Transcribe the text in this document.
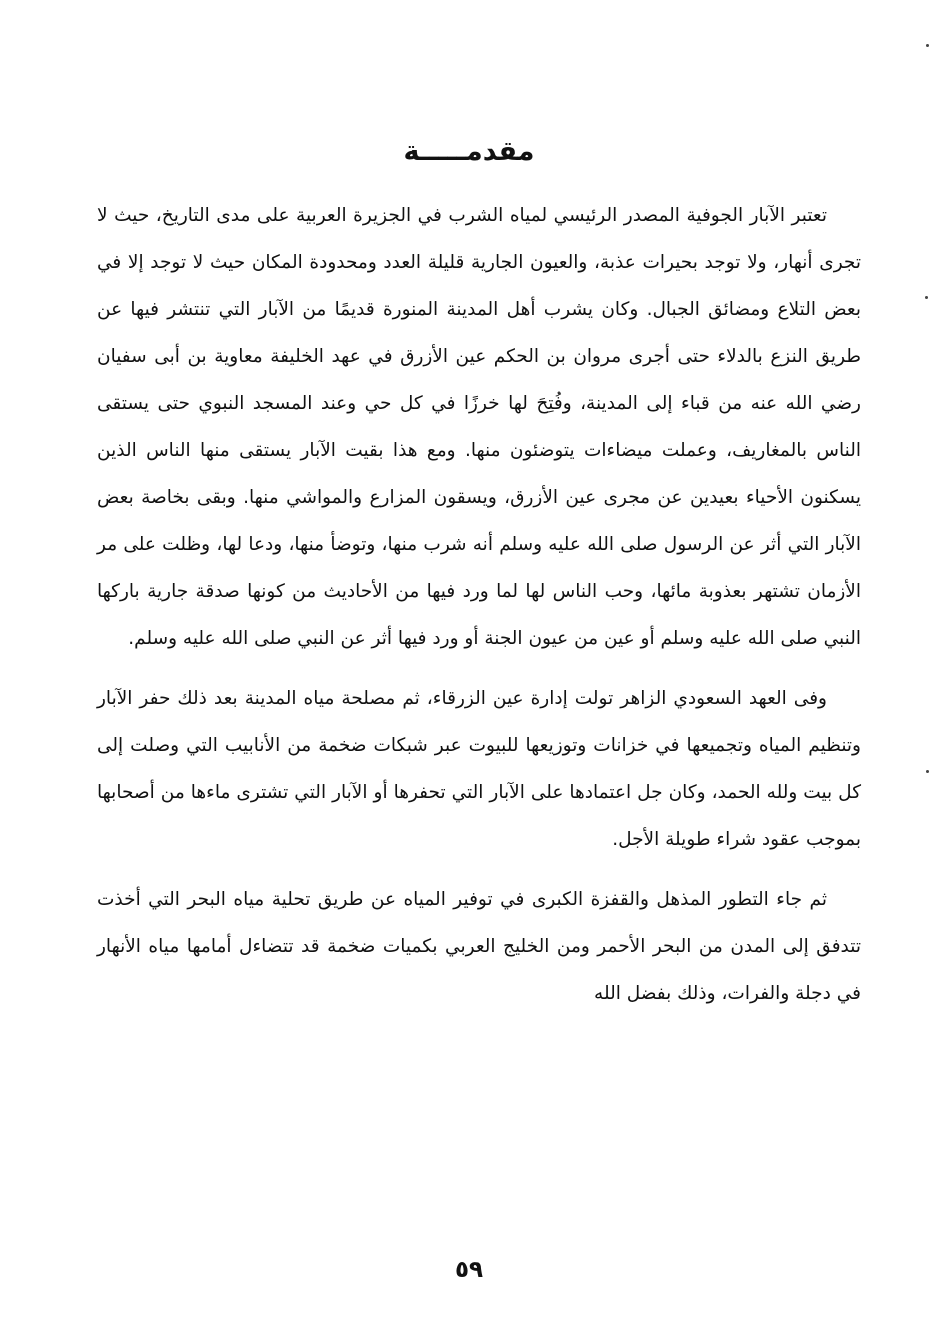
مقدمـــــة

تعتبر الآبار الجوفية المصدر الرئيسي لمياه الشرب في الجزيرة العربية على مدى التاريخ، حيث لا تجرى أنهار، ولا توجد بحيرات عذبة، والعيون الجارية قليلة العدد ومحدودة المكان حيث لا توجد إلا في بعض التلاع ومضائق الجبال. وكان يشرب أهل المدينة المنورة قديمًا من الآبار التي تنتشر فيها عن طريق النزع بالدلاء حتى أجرى مروان بن الحكم عين الأزرق في عهد الخليفة معاوية بن أبى سفيان رضي الله عنه من قباء إلى المدينة، وفُتِحَ لها خرزًا في كل حي وعند المسجد النبوي حتى يستقى الناس بالمغاريف، وعملت ميضاءات يتوضئون منها. ومع هذا بقيت الآبار يستقى منها الناس الذين يسكنون الأحياء بعيدين عن مجرى عين الأزرق، ويسقون المزارع والمواشي منها. وبقى بخاصة بعض الآبار التي أثر عن الرسول صلى الله عليه وسلم أنه شرب منها، وتوضأ منها، ودعا لها، وظلت على مر الأزمان تشتهر بعذوبة مائها، وحب الناس لها لما ورد فيها من الأحاديث من كونها صدقة جارية باركها النبي صلى الله عليه وسلم أو عين من عيون الجنة أو ورد فيها أثر عن النبي صلى الله عليه وسلم.

وفى العهد السعودي الزاهر تولت إدارة عين الزرقاء، ثم مصلحة مياه المدينة بعد ذلك حفر الآبار وتنظيم المياه وتجميعها في خزانات وتوزيعها للبيوت عبر شبكات ضخمة من الأنابيب التي وصلت إلى كل بيت ولله الحمد، وكان جل اعتمادها على الآبار التي تحفرها أو الآبار التي تشترى ماءها من أصحابها بموجب عقود شراء طويلة الأجل.

ثم جاء التطور المذهل والقفزة الكبرى في توفير المياه عن طريق تحلية مياه البحر التي أخذت تتدفق إلى المدن من البحر الأحمر ومن الخليج العربي بكميات ضخمة قد تتضاءل أمامها مياه الأنهار في دجلة والفرات، وذلك بفضل الله

٥٩
